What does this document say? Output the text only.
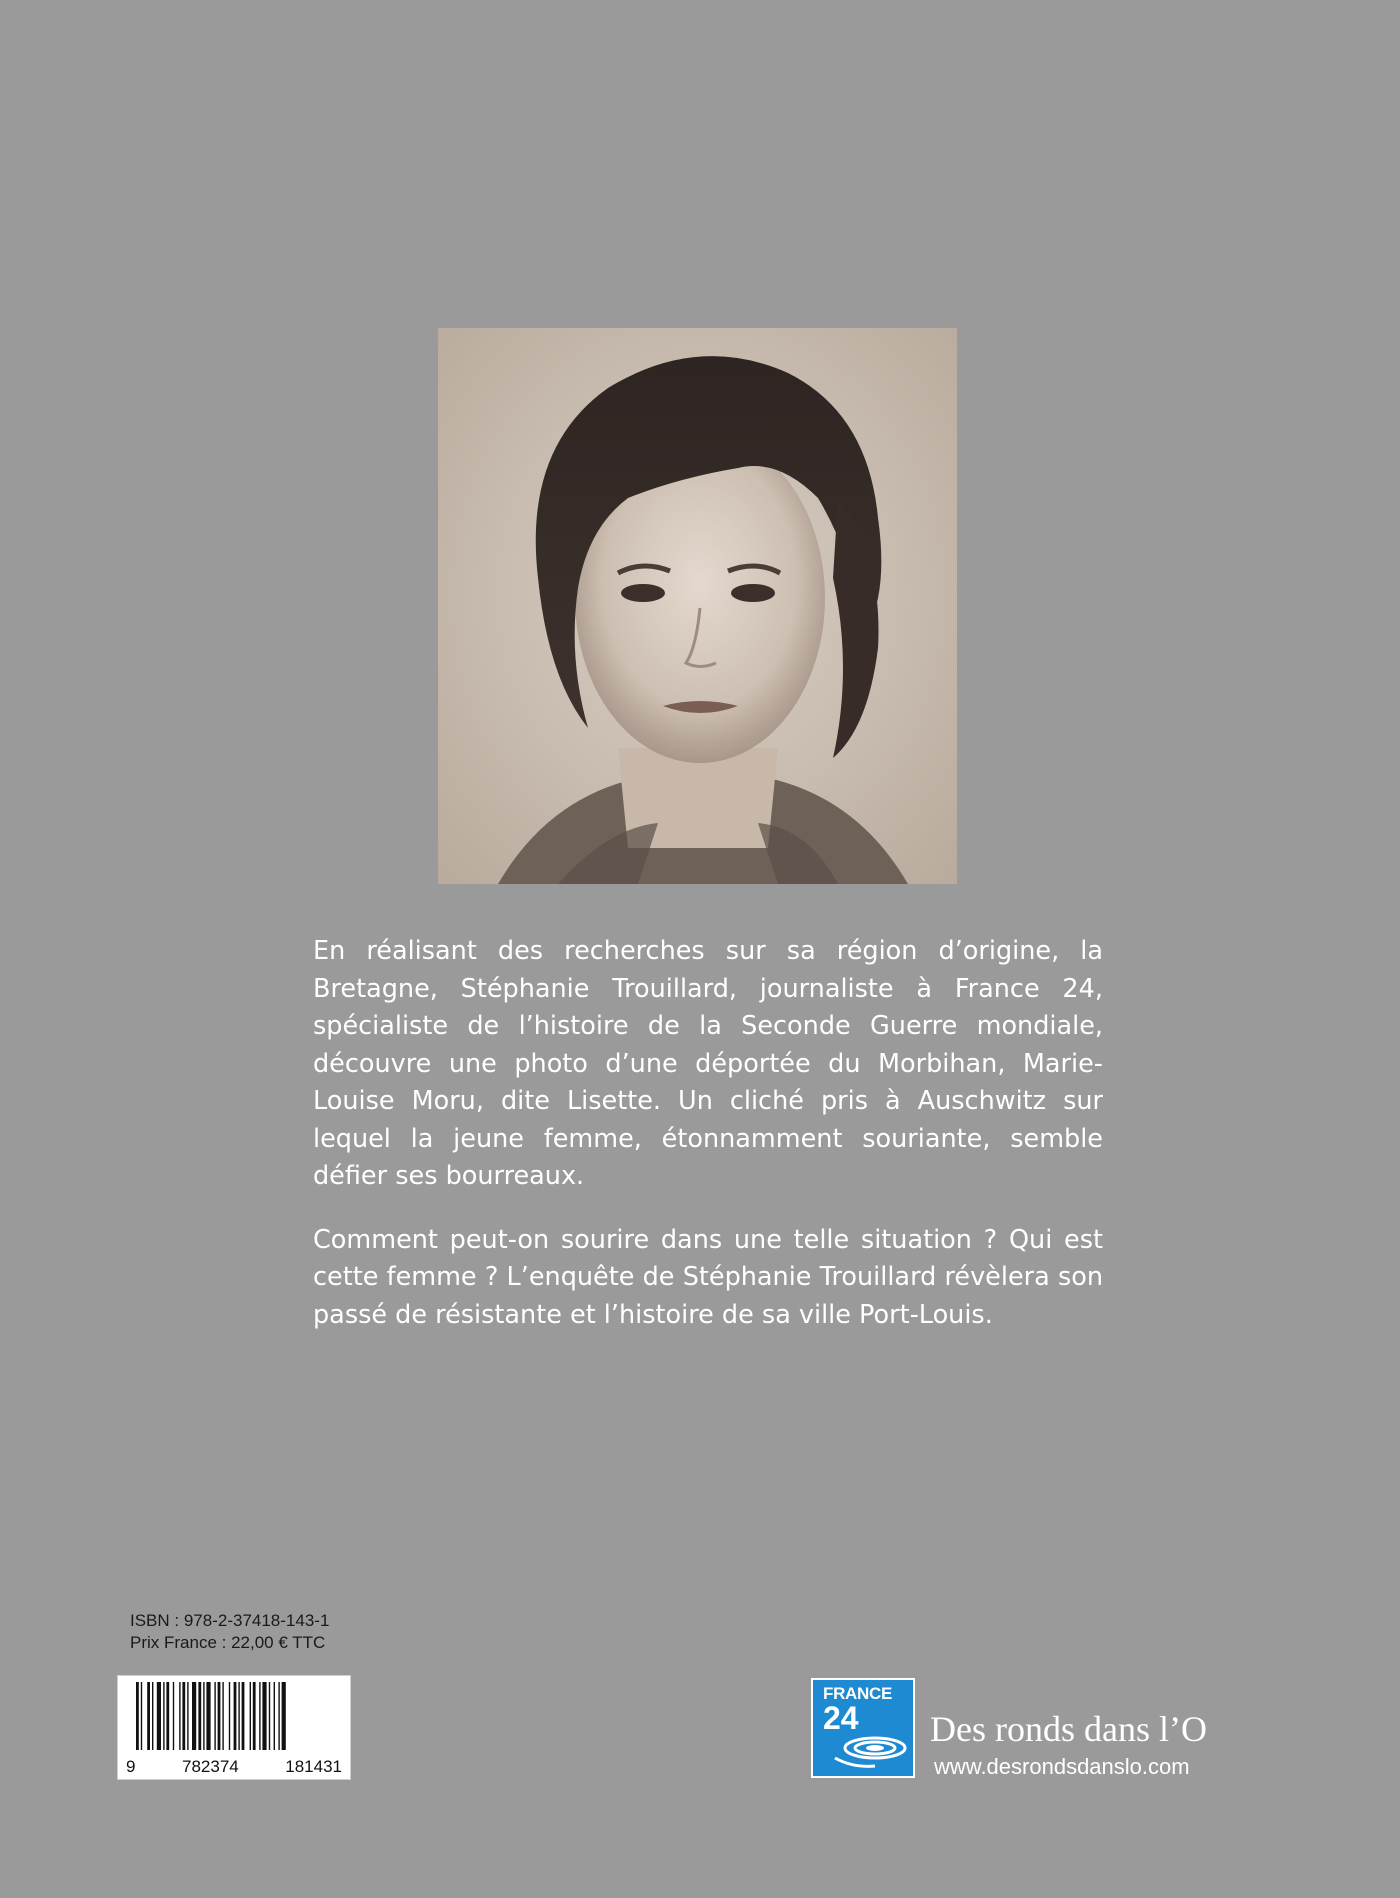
En réalisant des recherches sur sa région d’origine, la Bretagne, Stéphanie Trouillard, journaliste à France 24, spécialiste de l’histoire de la Seconde Guerre mondiale, découvre une photo d’une déportée du Morbihan, Marie-Louise Moru, dite Lisette. Un cliché pris à Auschwitz sur lequel la jeune femme, étonnamment souriante, semble défier ses bourreaux.

Comment peut-on sourire dans une telle situation ? Qui est cette femme ? L’enquête de Stéphanie Trouillard révèlera son passé de résistante et l’histoire de sa ville Port-Louis.

ISBN : 978-2-37418-143-1
Prix France : 22,00 € TTC
9	782374	181431
FRANCE
24 Des ronds dans l’O
www.desrondsdanslo.com
